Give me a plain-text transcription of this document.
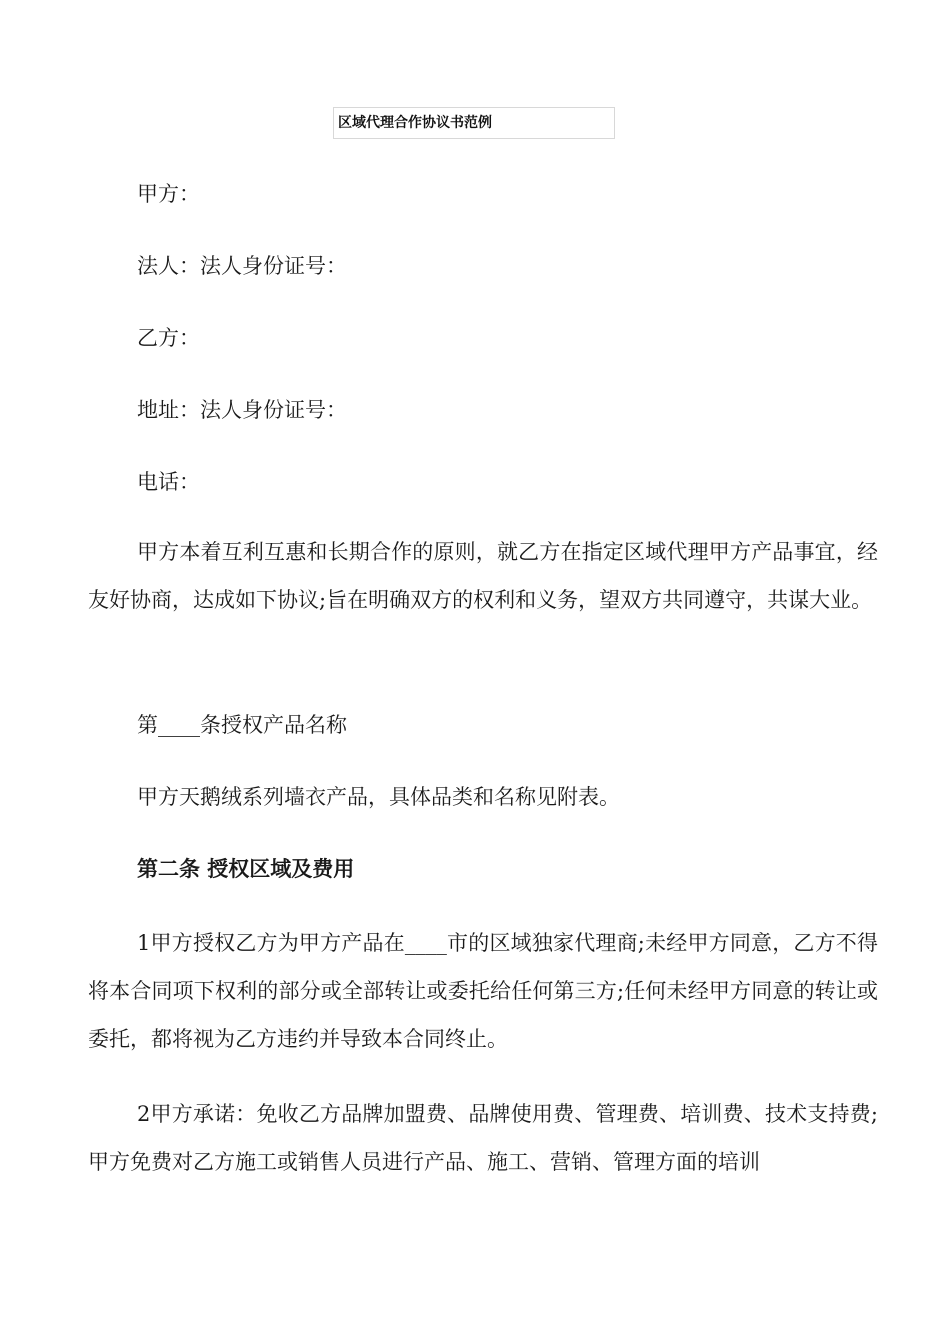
区域代理合作协议书范例
甲方：
法人：法人身份证号：
乙方：
地址：法人身份证号：
电话：
甲方本着互利互惠和长期合作的原则，就乙方在指定区域代理甲方产品事宜，经友好协商，达成如下协议;旨在明确双方的权利和义务，望双方共同遵守，共谋大业。
第____条授权产品名称
甲方天鹅绒系列墙衣产品，具体品类和名称见附表。
第二条 授权区域及费用
1甲方授权乙方为甲方产品在____市的区域独家代理商;未经甲方同意，乙方不得将本合同项下权利的部分或全部转让或委托给任何第三方;任何未经甲方同意的转让或委托，都将视为乙方违约并导致本合同终止。
2甲方承诺：免收乙方品牌加盟费、品牌使用费、管理费、培训费、技术支持费;甲方免费对乙方施工或销售人员进行产品、施工、营销、管理方面的培训
